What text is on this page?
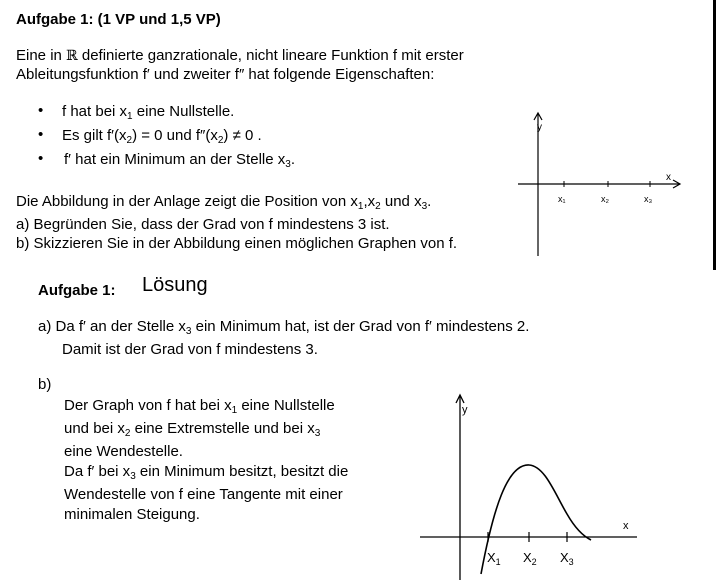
Aufgabe 1: (1 VP und 1,5 VP)
Eine in ℝ definierte ganzrationale, nicht lineare Funktion f mit erster
Ableitungsfunktion f′ und zweiter f″ hat folgende Eigenschaften:
• f hat bei $x_1$ eine Nullstelle.
• Es gilt $f'(x_2) = 0$ und $f''(x_2) \ne 0$ .
• f′ hat ein Minimum an der Stelle $x_3$.
Die Abbildung in der Anlage zeigt die Position von $x_1,x_2$ und $x_3$.
a) Begründen Sie, dass der Grad von f mindestens 3 ist.
b) Skizzieren Sie in der Abbildung einen möglichen Graphen von f.
y
x
x₁	x₂	x₃
Aufgabe 1: Lösung
a) Da f′ an der Stelle $x_3$ ein Minimum hat, ist der Grad von f′ mindestens 2.
Damit ist der Grad von f mindestens 3.
b)
Der Graph von f hat bei $x_1$ eine Nullstelle
und bei $x_2$ eine Extremstelle und bei $x_3$
eine Wendestelle.
Da f′ bei $x_3$ ein Minimum besitzt, besitzt die
Wendestelle von f eine Tangente mit einer
minimalen Steigung.
y
x
$X_1$ $X_2$ $X_3$
